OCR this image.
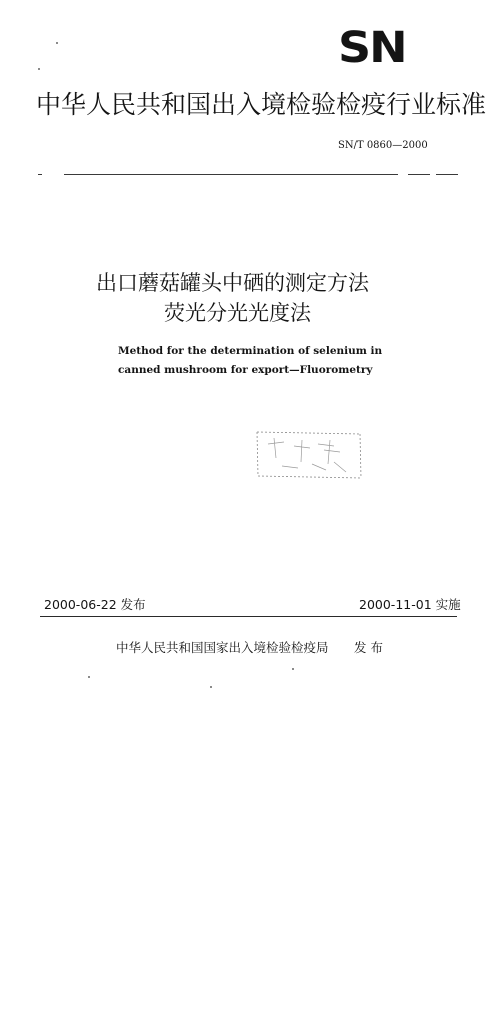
SN
中华人民共和国出入境检验检疫行业标准
SN/T 0860—2000
出口蘑菇罐头中硒的测定方法
荧光分光光度法
Method for the determination of selenium in
canned mushroom for export—Fluorometry
2000-06-22 发布	2000-11-01 实施
中华人民共和国国家出入境检验检疫局 发 布
